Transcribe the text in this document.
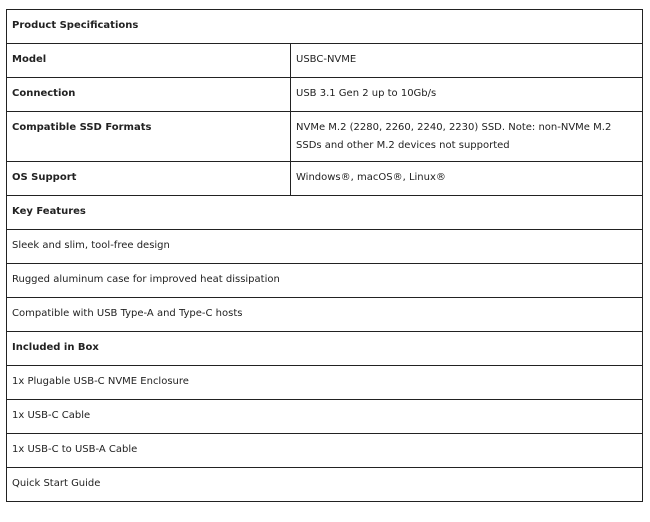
Product Specifications	

Model	USBC-NVME

Connection	USB 3.1 Gen 2 up to 10Gb/s

Compatible SSD Formats	NVMe M.2 (2280, 2260, 2240, 2230) SSD. Note: non-NVMe M.2 SSDs and other M.2 devices not supported

OS Support	Windows®, macOS®, Linux®

Key Features	

Sleek and slim, tool-free design	

Rugged aluminum case for improved heat dissipation	

Compatible with USB Type-A and Type-C hosts	

Included in Box	

1x Plugable USB-C NVME Enclosure	

1x USB-C Cable	

1x USB-C to USB-A Cable	

Quick Start Guide	
